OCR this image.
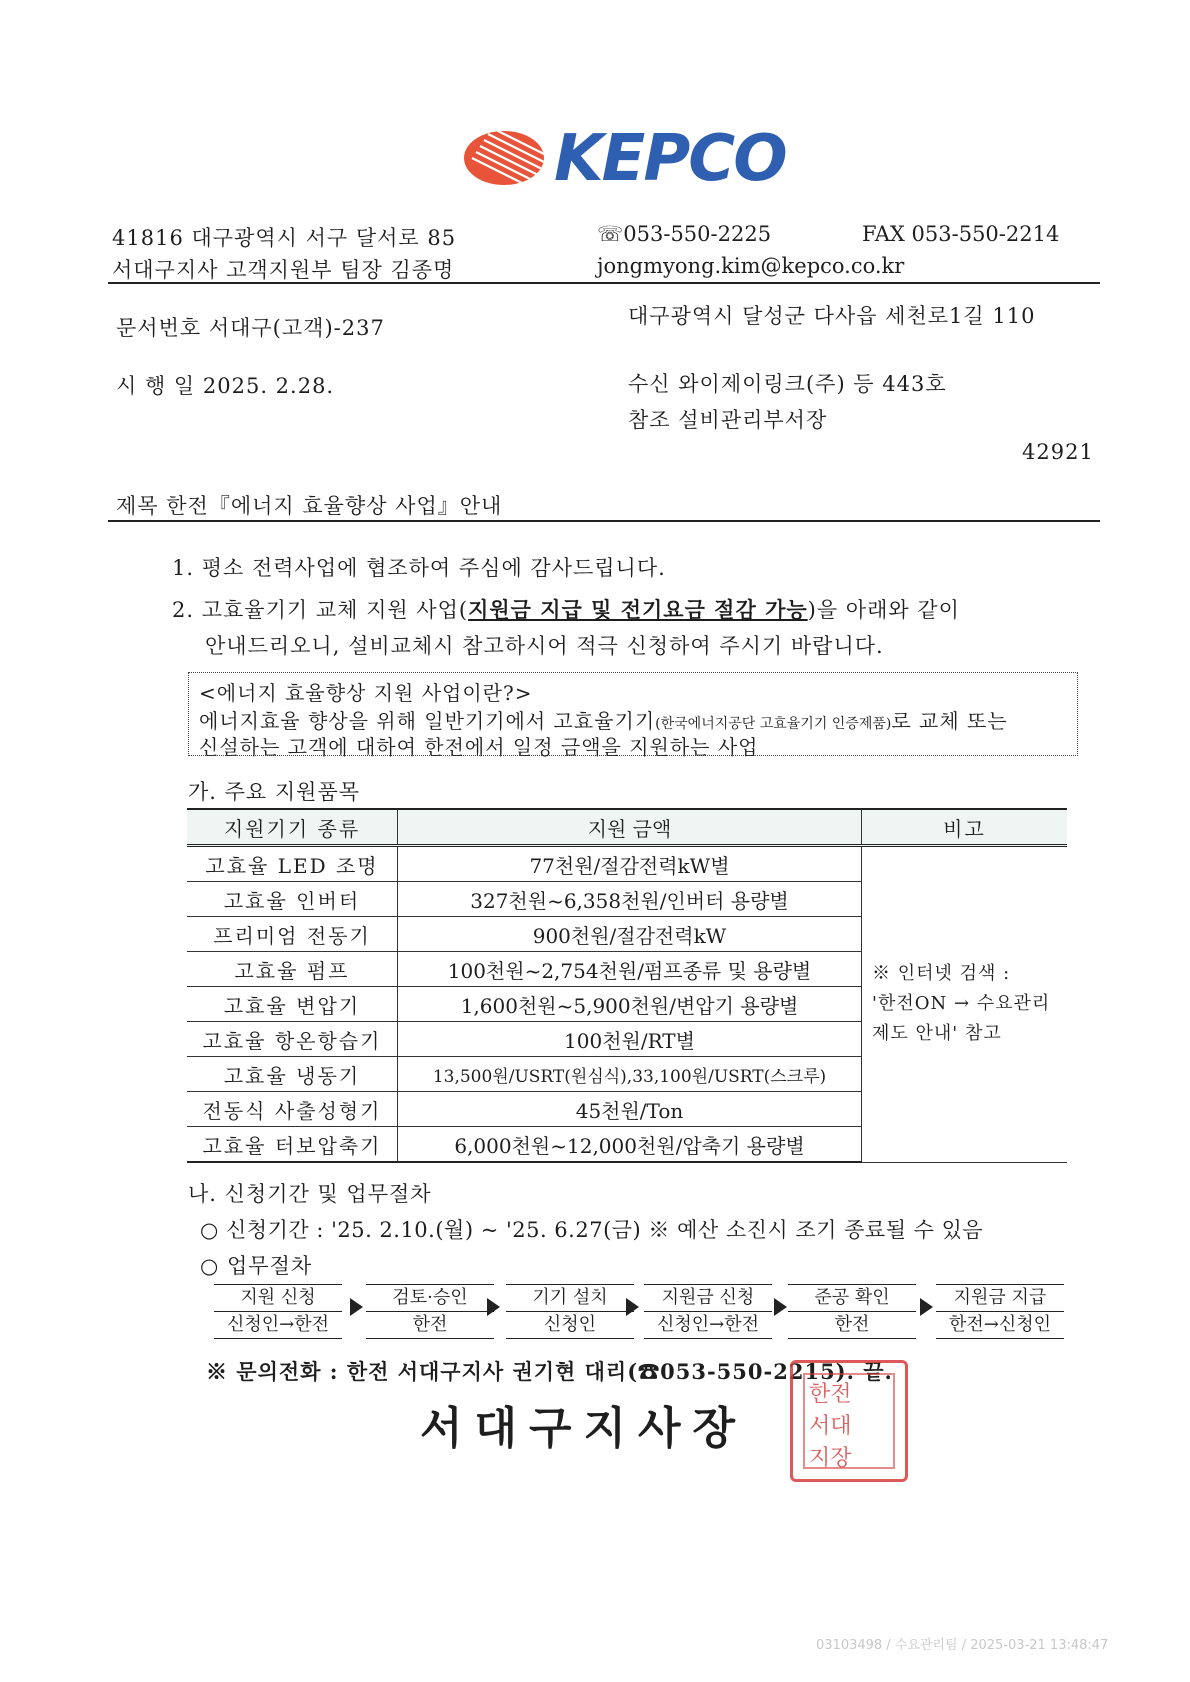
KEPCO
41816 대구광역시 서구 달서로 85
서대구지사 고객지원부 팀장 김종명
☏053-550-2225	FAX 053-550-2214
jongmyong.kim@kepco.co.kr
문서번호 서대구(고객)-237
시 행 일 2025. 2.28.
대구광역시 달성군 다사읍 세천로1길 110
수신 와이제이링크(주) 등 443호
참조 설비관리부서장
42921
제목 한전『에너지 효율향상 사업』안내
1. 평소 전력사업에 협조하여 주심에 감사드립니다.
2. 고효율기기 교체 지원 사업(지원금 지급 및 전기요금 절감 가능)을 아래와 같이
안내드리오니, 설비교체시 참고하시어 적극 신청하여 주시기 바랍니다.
<에너지 효율향상 지원 사업이란?>
에너지효율 향상을 위해 일반기기에서 고효율기기(한국에너지공단 고효율기기 인증제품)로 교체 또는
신설하는 고객에 대하여 한전에서 일정 금액을 지원하는 사업
가. 주요 지원품목
지원기기 종류	지원 금액	비고
고효율 LED 조명	77천원/절감전력kW별	※ 인터넷 검색 :
'한전ON → 수요관리
제도 안내' 참고

고효율 인버터	327천원~6,358천원/인버터 용량별	
프리미엄 전동기	900천원/절감전력kW	
고효율 펌프	100천원~2,754천원/펌프종류 및 용량별	
고효율 변압기	1,600천원~5,900천원/변압기 용량별	
고효율 항온항습기	100천원/RT별	
고효율 냉동기	13,500원/USRT(원심식),33,100원/USRT(스크루)	
전동식 사출성형기	45천원/Ton	
고효율 터보압축기	6,000천원~12,000천원/압축기 용량별	
나. 신청기간 및 업무절차
○ 신청기간 : '25. 2.10.(월) ~ '25. 6.27(금) ※ 예산 소진시 조기 종료될 수 있음
○ 업무절차
지원 신청
신청인→한전
검토·승인
한전
기기 설치
신청인
지원금 신청
신청인→한전
준공 확인
한전
지원금 지급
한전→신청인
※ 문의전화 : 한전 서대구지사 권기현 대리(☎053-550-2215). 끝.
서대구지사장
한전
서대
지장
03103498 / 수요관리팀 / 2025-03-21 13:48:47
